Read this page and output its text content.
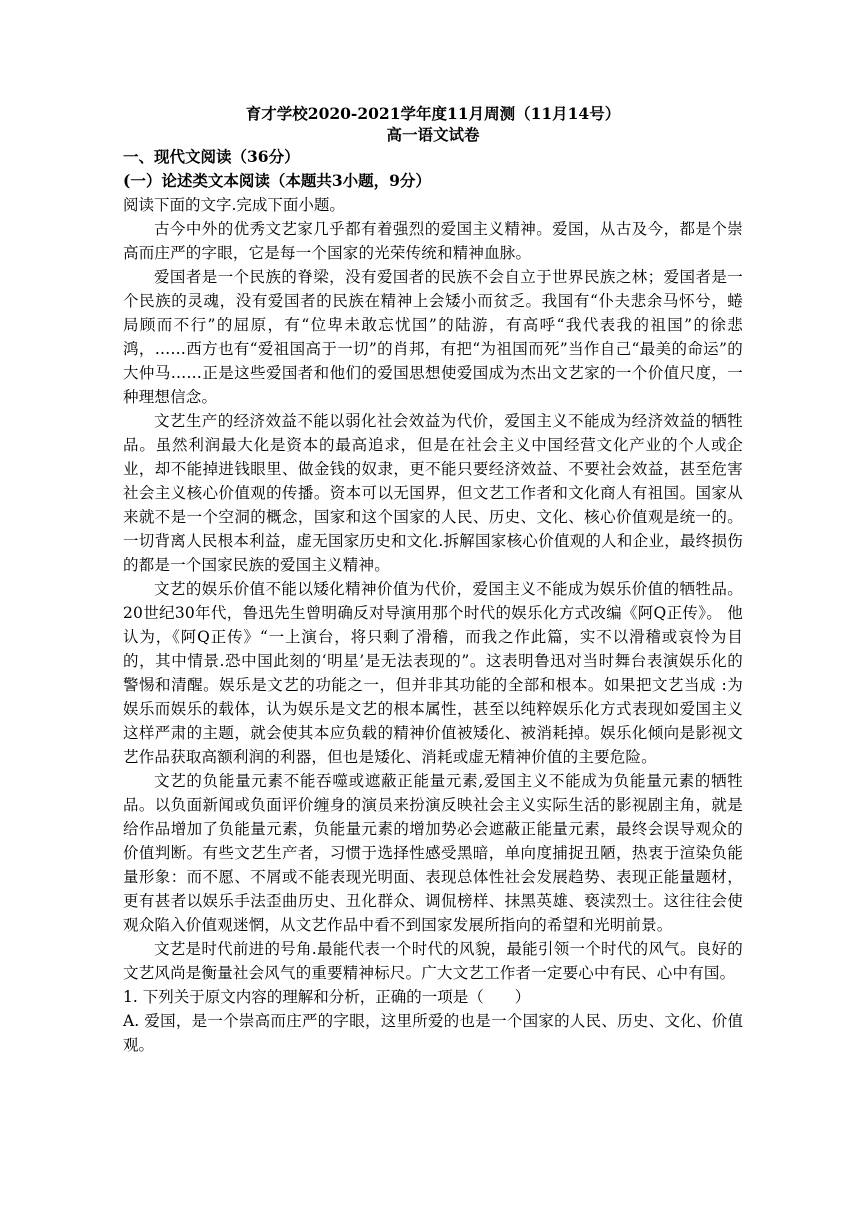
育才学校2020-2021学年度11月周测（11月14号）

高一语文试卷

一、现代文阅读（36分）

(一）论述类文本阅读（本题共3小题，9分）

阅读下面的文字.完成下面小题。

古今中外的优秀文艺家几乎都有着强烈的爱国主义精神。爱国，从古及今，都是个崇高而庄严的字眼，它是每一个国家的光荣传统和精神血脉。

爱国者是一个民族的脊梁，没有爱国者的民族不会自立于世界民族之林；爱国者是一个民族的灵魂，没有爱国者的民族在精神上会矮小而贫乏。我国有“仆夫悲余马怀兮，蜷局顾而不行”的屈原，有“位卑未敢忘忧国”的陆游，有高呼“我代表我的祖国”的徐悲鸿，……西方也有“爱祖国高于一切”的肖邦，有把“为祖国而死”当作自己“最美的命运”的大仲马……正是这些爱国者和他们的爱国思想使爱国成为杰出文艺家的一个价值尺度，一种理想信念。

文艺生产的经济效益不能以弱化社会效益为代价，爱国主义不能成为经济效益的牺牲品。虽然利润最大化是资本的最高追求，但是在社会主义中国经营文化产业的个人或企业，却不能掉进钱眼里、做金钱的奴隶，更不能只要经济效益、不要社会效益，甚至危害社会主义核心价值观的传播。资本可以无国界，但文艺工作者和文化商人有祖国。国家从来就不是一个空洞的概念，国家和这个国家的人民、历史、文化、核心价值观是统一的。一切背离人民根本利益，虚无国家历史和文化.拆解国家核心价值观的人和企业，最终损伤的都是一个国家民族的爱国主义精神。

文艺的娱乐价值不能以矮化精神价值为代价，爱国主义不能成为娱乐价值的牺牲品。 20世纪30年代，鲁迅先生曾明确反对导演用那个时代的娱乐化方式改编《阿Q正传》。 他认为，《阿Q正传》“一上演台，将只剩了滑稽，而我之作此篇，实不以滑稽或哀怜为目的，其中情景.恐中国此刻的‘明星’是无法表现的”。这表明鲁迅对当时舞台表演娱乐化的警惕和清醒。娱乐是文艺的功能之一，但并非其功能的全部和根本。如果把文艺当成 :为娱乐而娱乐的载体，认为娱乐是文艺的根本属性，甚至以纯粹娱乐化方式表现如爱国主义这样严肃的主题，就会使其本应负载的精神价值被矮化、被消耗掉。娱乐化倾向是影视文艺作品获取高额利润的利器，但也是矮化、消耗或虚无精神价值的主要危险。

文艺的负能量元素不能吞噬或遮蔽正能量元素,爱国主义不能成为负能量元素的牺牲品。以负面新闻或负面评价缠身的演员来扮演反映社会主义实际生活的影视剧主角，就是给作品增加了负能量元素，负能量元素的增加势必会遮蔽正能量元素，最终会误导观众的价值判断。有些文艺生产者，习惯于选择性感受黑暗，单向度捕捉丑陋，热衷于渲染负能量形象：而不愿、不屑或不能表现光明面、表现总体性社会发展趋势、表现正能量题材，更有甚者以娱乐手法歪曲历史、丑化群众、调侃榜样、抹黑英雄、亵渎烈士。这往往会使观众陷入价值观迷惘，从文艺作品中看不到国家发展所指向的希望和光明前景。

文艺是时代前进的号角.最能代表一个时代的风貌，最能引领一个时代的风气。良好的文艺风尚是衡量社会风气的重要精神标尺。广大文艺工作者一定要心中有民、心中有国。

1. 下列关于原文内容的理解和分析，正确的一项是（　　）

A. 爱国，是一个崇高而庄严的字眼，这里所爱的也是一个国家的人民、历史、文化、价值观。
